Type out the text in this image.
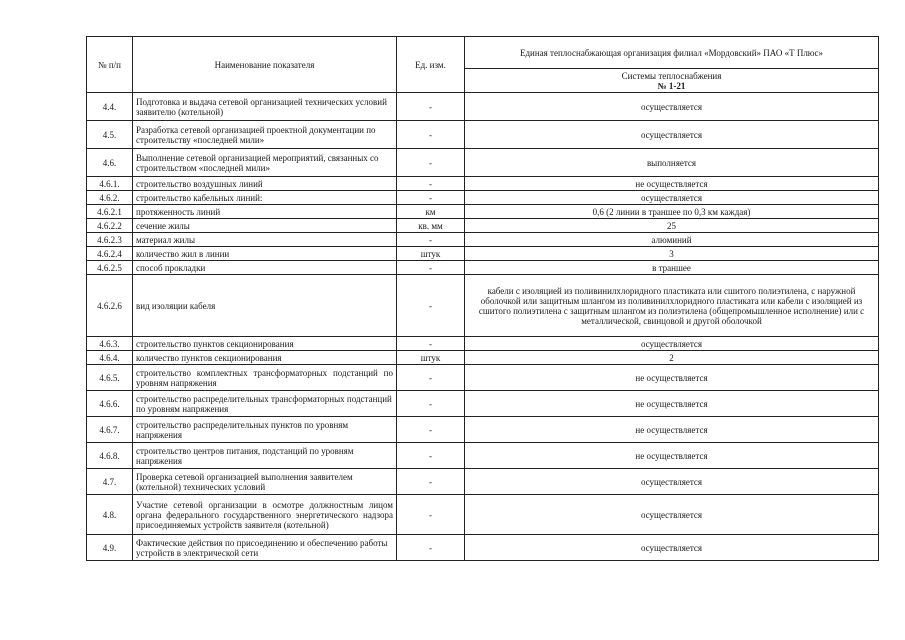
№ п/п	Наименование показателя	Ед. изм.	Единая теплоснабжающая организация филиал «Мордовский» ПАО «Т Плюс»
			Системы теплоснабжения
№ 1-21

4.4.	Подготовка и выдача сетевой организацией технических условий заявителю (котельной)	-	осуществляется
4.5.	Разработка сетевой организацией проектной документации по строительству «последней мили»	-	осуществляется
4.6.	Выполнение сетевой организацией мероприятий, связанных со строительством «последней мили»	-	выполняется
4.6.1.	строительство воздушных линий	-	не осуществляется
4.6.2.	строительство кабельных линий:	-	осуществляется
4.6.2.1	протяженность линий	км	0,6 (2 линии в траншее по 0,3 км каждая)
4.6.2.2	сечение жилы	кв. мм	25
4.6.2.3	материал жилы	-	алюминий
4.6.2.4	количество жил в линии	штук	3
4.6.2.5	способ прокладки	-	в траншее
4.6.2.6	вид изоляции кабеля	-	кабели с изоляцией из поливинилхлоридного пластиката или сшитого полиэтилена, с наружной оболочкой или защитным шлангом из поливинилхлоридного пластиката или кабели с изоляцией из сшитого полиэтилена с защитным шлангом из полиэтилена (общепромышленное исполнение) или с металлической, свинцовой и другой оболочкой
4.6.3.	строительство пунктов секционирования	-	осуществляется
4.6.4.	количество пунктов секционирования	штук	2
4.6.5.	строительство комплектных трансформаторных подстанций по уровням напряжения	-	не осуществляется
4.6.6.	строительство распределительных трансформаторных подстанций по уровням напряжения	-	не осуществляется
4.6.7.	строительство распределительных пунктов по уровням напряжения	-	не осуществляется
4.6.8.	строительство центров питания, подстанций по уровням напряжения	-	не осуществляется
4.7.	Проверка сетевой организацией выполнения заявителем (котельной) технических условий	-	осуществляется
4.8.	Участие сетевой организации в осмотре должностным лицом органа федерального государственного энергетического надзора присоединяемых устройств заявителя (котельной)	-	осуществляется
4.9.	Фактические действия по присоединению и обеспечению работы устройств в электрической сети	-	осуществляется
